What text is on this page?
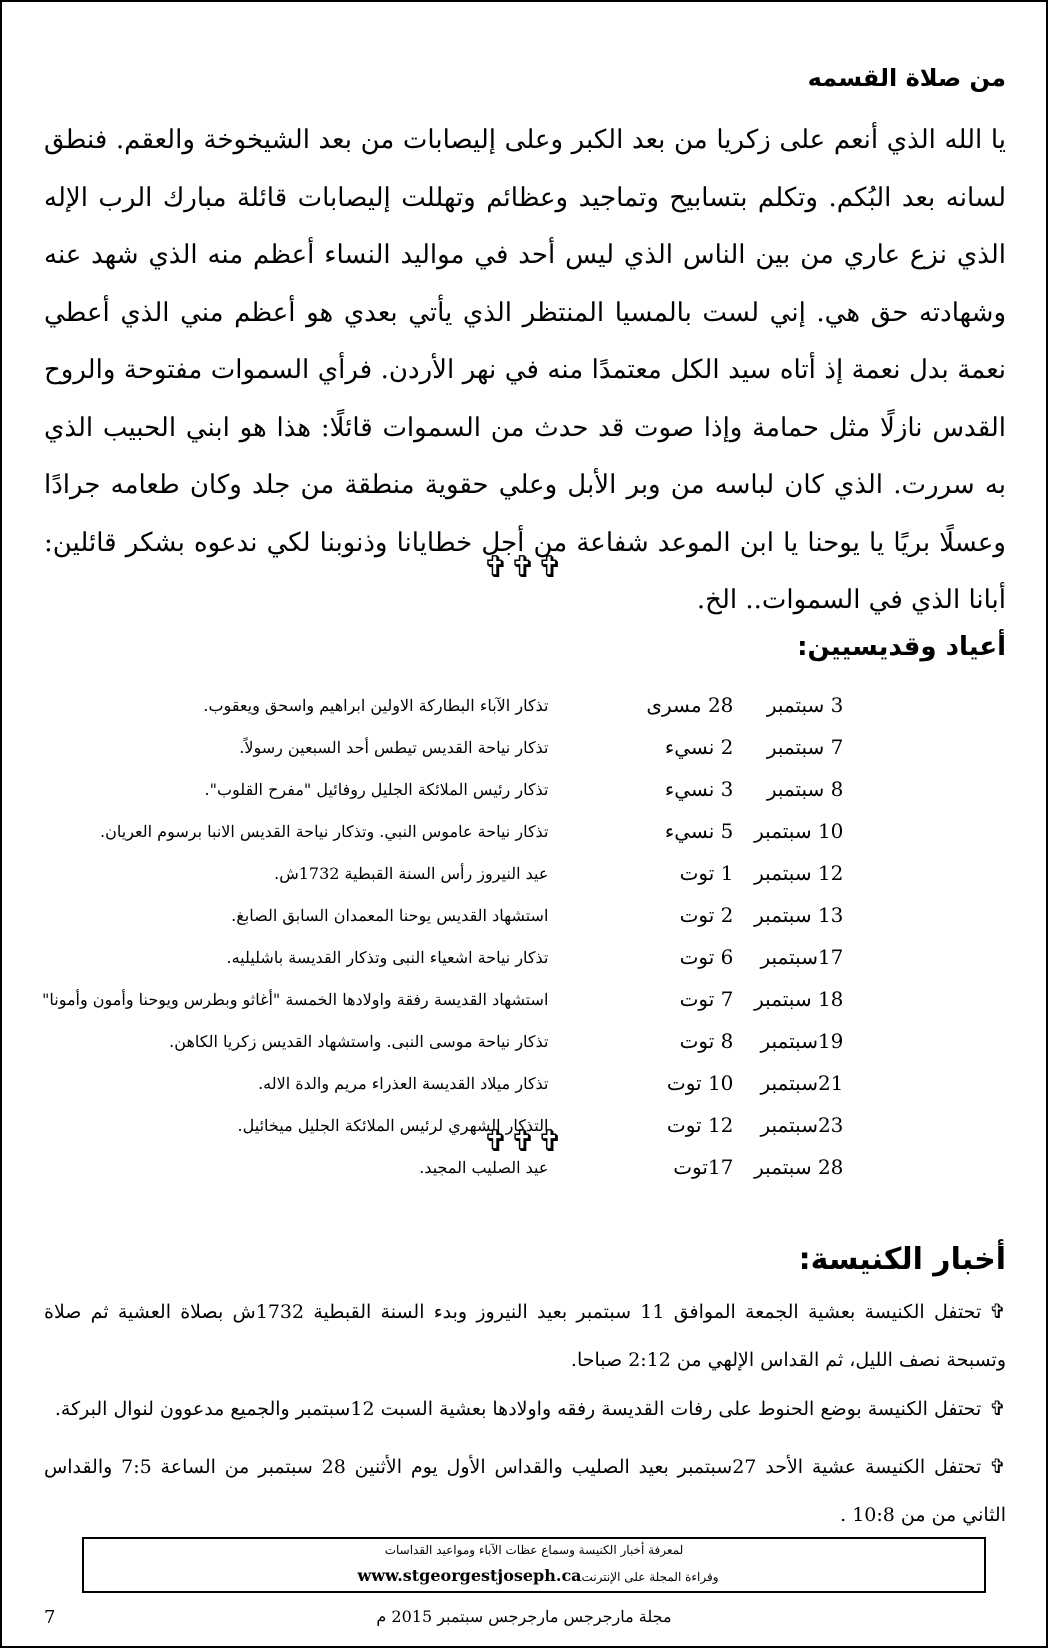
من صلاة القسمه
يا الله الذي أنعم على زكريا من بعد الكبر وعلى إليصابات من بعد الشيخوخة والعقم. فنطق لسانه بعد البُكم. وتكلم بتسابيح وتماجيد وعظائم وتهللت إليصابات قائلة مبارك الرب الإله الذي نزع عاري من بين الناس الذي ليس أحد في مواليد النساء أعظم منه الذي شهد عنه وشهادته حق هي. إني لست بالمسيا المنتظر الذي يأتي بعدي هو أعظم مني الذي أعطي نعمة بدل نعمة إذ أتاه سيد الكل معتمدًا منه في نهر الأردن. فرأي السموات مفتوحة والروح القدس نازلًا مثل حمامة وإذا صوت قد حدث من السموات قائلًا: هذا هو ابني الحبيب الذي به سررت. الذي كان لباسه من وبر الأبل وعلي حقوية منطقة من جلد وكان طعامه جرادًا وعسلًا بريًا يا يوحنا يا ابن الموعد شفاعة من أجل خطايانا وذنوبنا لكي ندعوه بشكر قائلين: أبانا الذي في السموات.. الخ.
✞✞✞
أعياد وقديسيين:
3 سبتمبر	28 مسرى	تذكار الآباء البطاركة الاولين ابراهيم واسحق ويعقوب.
7 سبتمبر	2 نسيء	تذكار نياحة القديس تيطس أحد السبعين رسولاً.
8 سبتمبر	3 نسيء	تذكار رئيس الملائكة الجليل روفائيل "مفرح القلوب".
10 سبتمبر	5 نسيء	تذكار نياحة عاموس النبي. وتذكار نياحة القديس الانبا برسوم العريان.
12 سبتمبر	1 توت	عيد النيروز رأس السنة القبطية 1732ش.
13 سبتمبر	2 توت	استشهاد القديس يوحنا المعمدان السابق الصابغ.
17سبتمبر	6 توت	تذكار نياحة اشعياء النبى وتذكار القديسة باشليليه.
18 سبتمبر	7 توت	استشهاد القديسة رفقة واولادها الخمسة "أغاثو وبطرس ويوحنا وأمون وأمونا"
19سبتمبر	8 توت	تذكار نياحة موسى النبى. واستشهاد القديس زكريا الكاهن.
21سبتمبر	10 توت	تذكار ميلاد القديسة العذراء مريم والدة الاله.
23سبتمبر	12 توت	التذكار الشهري لرئيس الملائكة الجليل ميخائيل.
28 سبتمبر	17توت	عيد الصليب المجيد.
✞✞✞
أخبار الكنيسة:
✞تحتفل الكنيسة بعشية الجمعة الموافق 11 سبتمبر بعيد النيروز وبدء السنة القبطية 1732ش بصلاة العشية ثم صلاة وتسبحة نصف الليل، ثم القداس الإلهي من 2:12 صباحا.
✞تحتفل الكنيسة بوضع الحنوط على رفات القديسة رفقه واولادها بعشية السبت 12سبتمبر والجميع مدعوون لنوال البركة.
✞تحتفل الكنيسة عشية الأحد 27سبتمبر بعيد الصليب والقداس الأول يوم الأثنين 28 سبتمبر من الساعة 7:5 والقداس الثاني من من 10:8 .
لمعرفة أخبار الكنيسة وسماع عظات الآباء ومواعيد القداسات
وقراءة المجلة على الإنترنتwww.stgeorgestjoseph.ca
7	مجلة مارجرجس مارجرجس سبتمبر 2015 م
